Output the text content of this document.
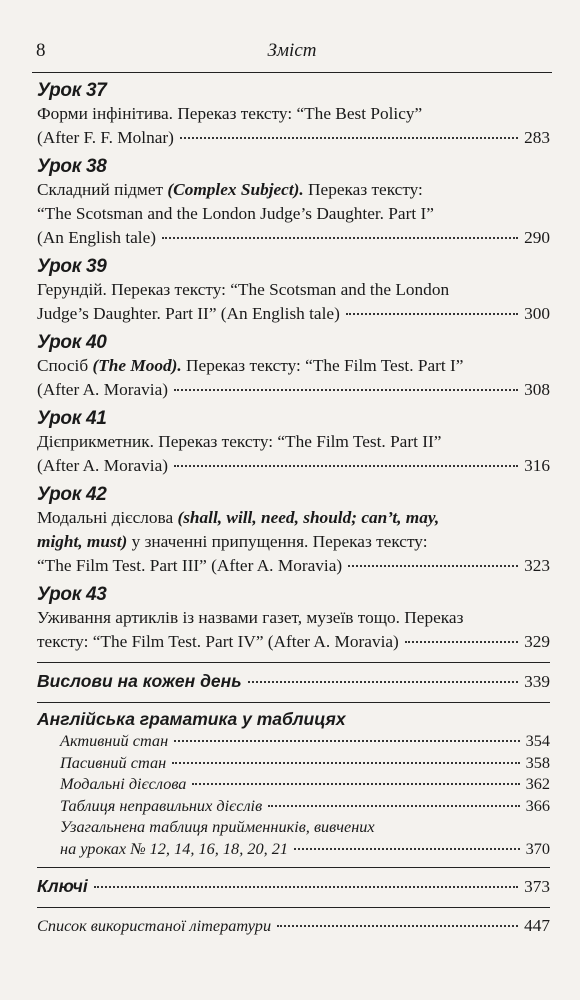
8	Зміст
Урок 37
Форми інфінітива. Переказ тексту: “The Best Policy”
(After F. F. Molnar)	283
Урок 38
Складний підмет (Complex Subject). Переказ тексту:
“The Scotsman and the London Judge’s Daughter. Part I”
(An English tale)	290
Урок 39
Герундій. Переказ тексту: “The Scotsman and the London
Judge’s Daughter. Part II” (An English tale)	300
Урок 40
Спосіб (The Mood). Переказ тексту: “The Film Test. Part I”
(After A. Moravia)	308
Урок 41
Дієприкметник. Переказ тексту: “The Film Test. Part II”
(After A. Moravia)	316
Урок 42
Модальні дієслова (shall, will, need, should; can’t, may,
might, must) у значенні припущення. Переказ тексту:
“The Film Test. Part III” (After A. Moravia)	323
Урок 43
Уживання артиклів із назвами газет, музеїв тощо. Переказ
тексту: “The Film Test. Part IV” (After A. Moravia)	329
Вислови на кожен день	339
Англійська граматика у таблицях
Активний стан	354
Пасивний стан	358
Модальні дієслова	362
Таблиця неправильних дієслів	366
Узагальнена таблиця прийменників, вивчених
на уроках № 12, 14, 16, 18, 20, 21	370
Ключі	373
Список використаної літератури	447
